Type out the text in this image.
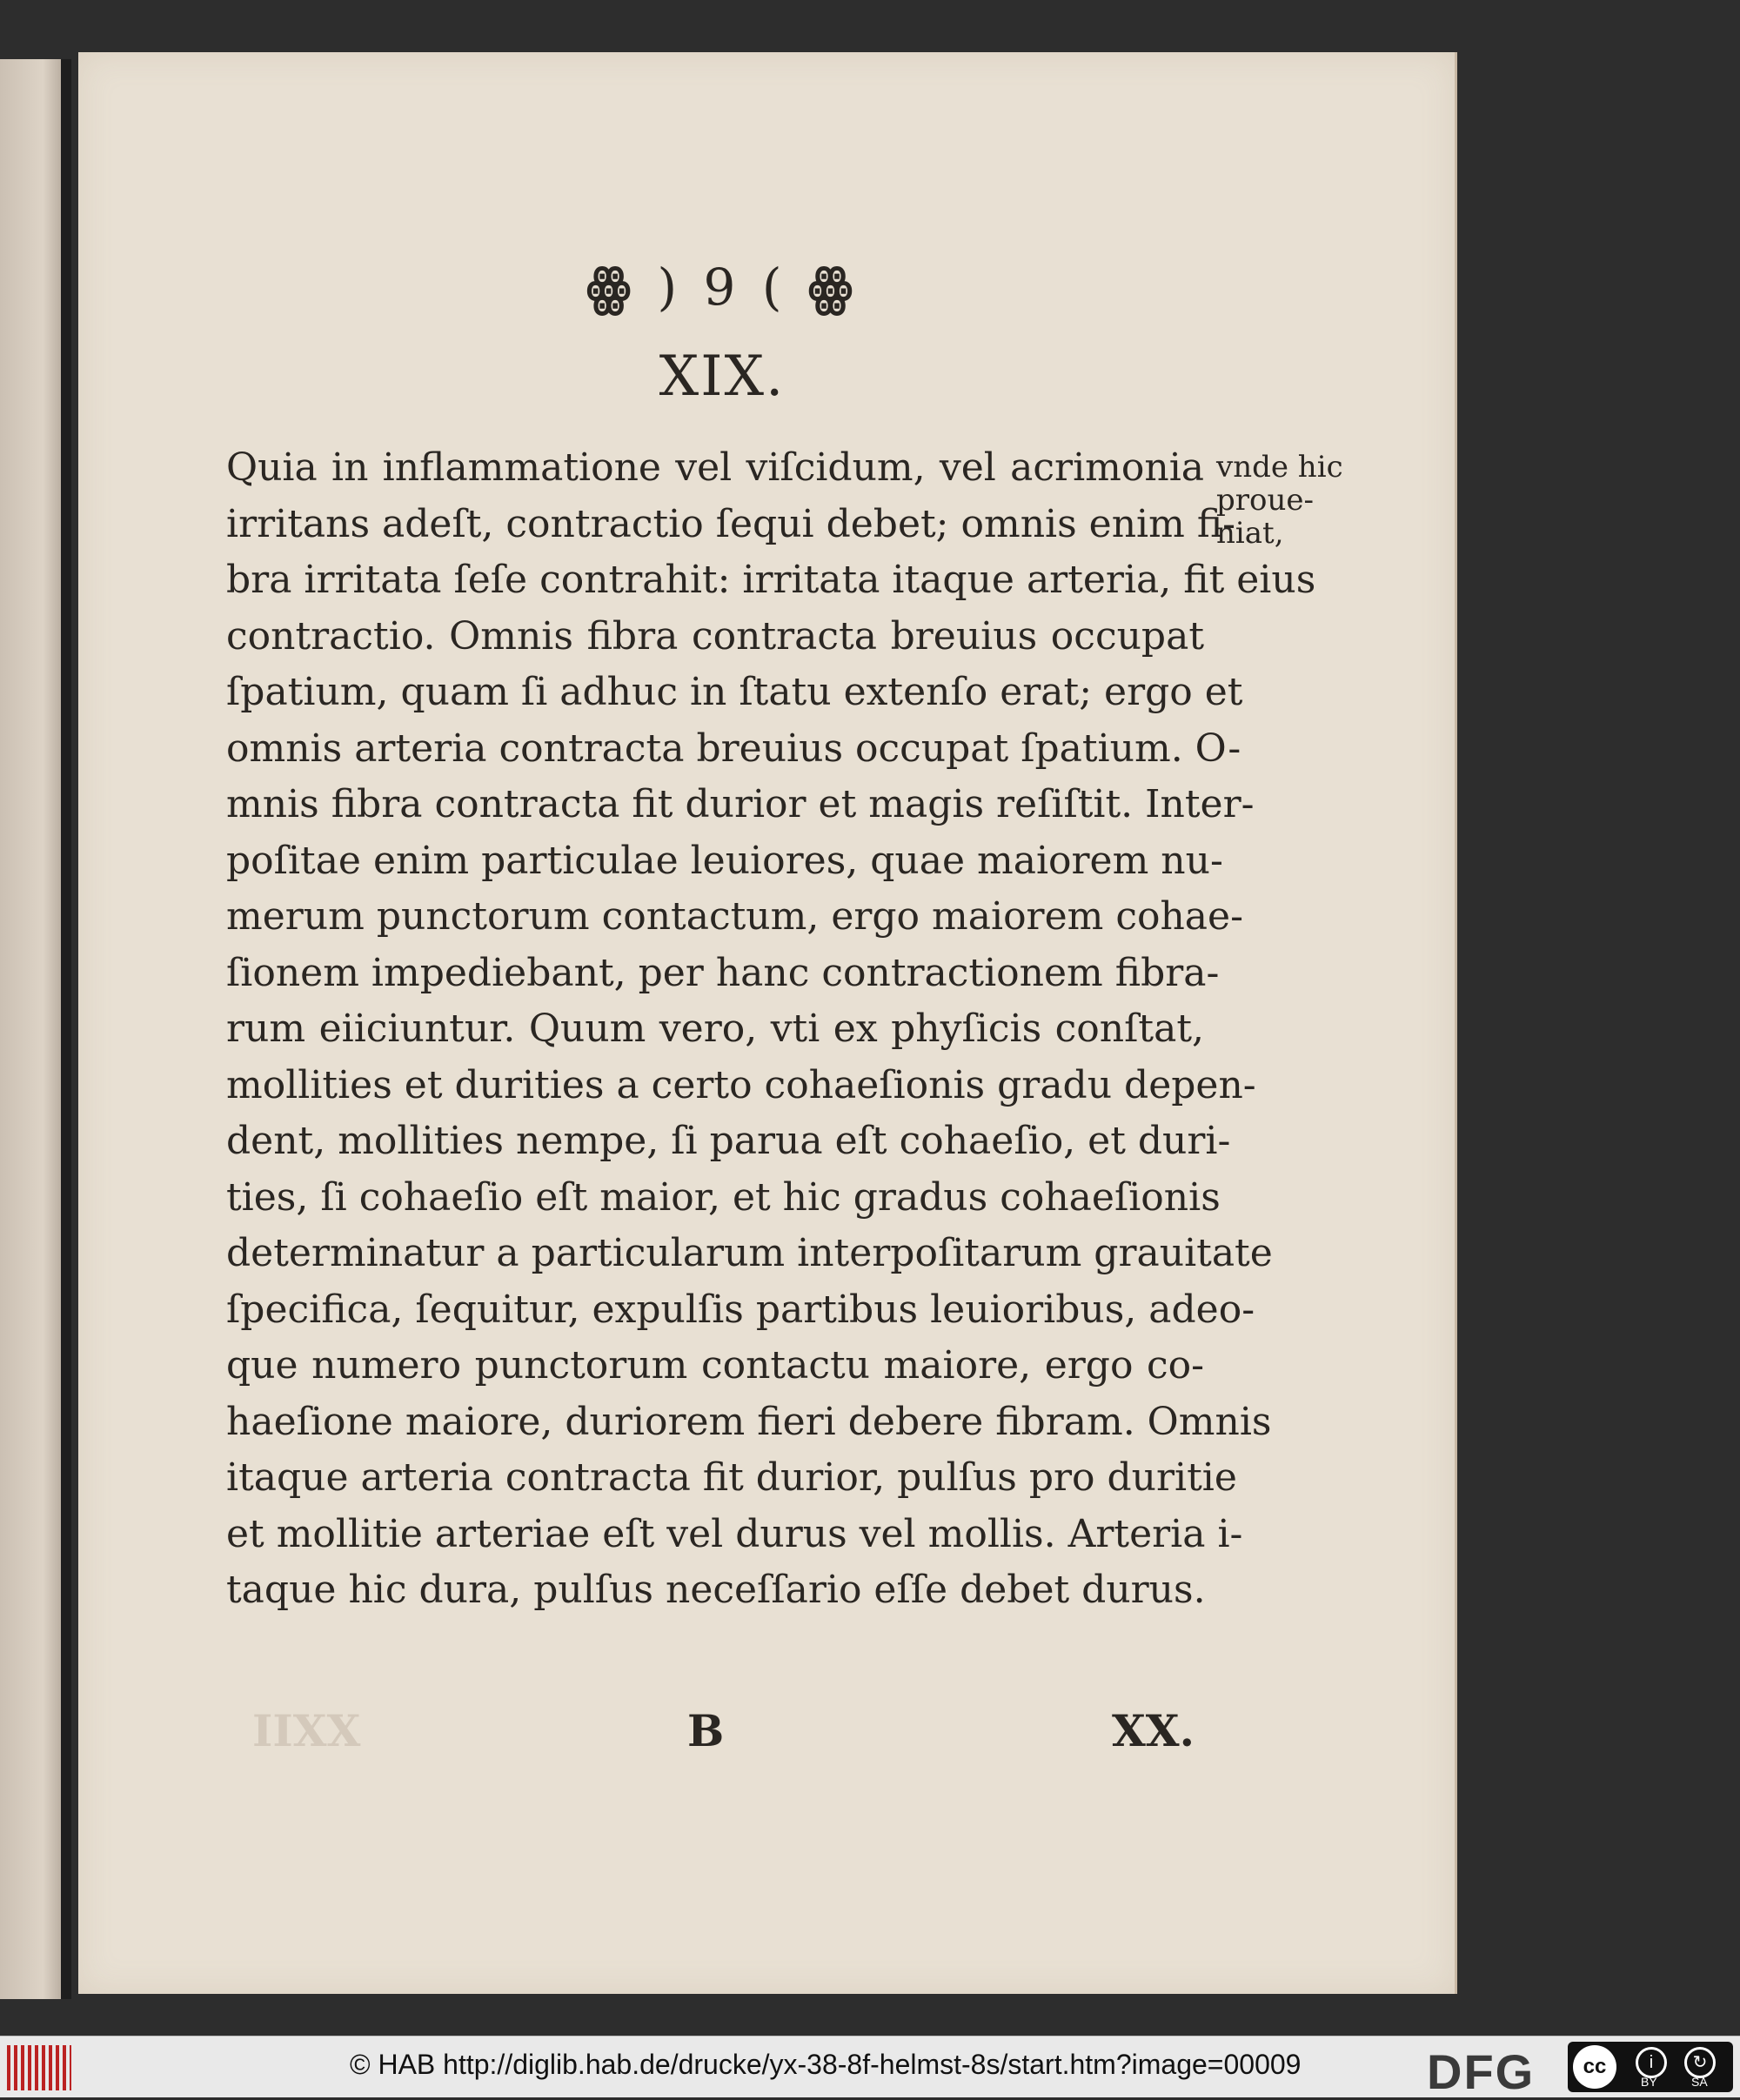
ꙮ ) 9 ( ꙮ
XIX.
Quia in inflammatione vel viſcidum, vel acrimonia
irritans adeſt, contractio ſequi debet; omnis enim fi-
bra irritata ſeſe contrahit: irritata itaque arteria, fit eius
contractio. Omnis fibra contracta breuius occupat
ſpatium, quam ſi adhuc in ſtatu extenſo erat; ergo et
omnis arteria contracta breuius occupat ſpatium. O-
mnis fibra contracta fit durior et magis reſiſtit. Inter-
poſitae enim particulae leuiores, quae maiorem nu-
merum punctorum contactum, ergo maiorem cohae-
ſionem impediebant, per hanc contractionem fibra-
rum eiiciuntur. Quum vero, vti ex phyſicis conſtat,
mollities et durities a certo cohaeſionis gradu depen-
dent, mollities nempe, ſi parua eſt cohaeſio, et duri-
ties, ſi cohaeſio eſt maior, et hic gradus cohaeſionis
determinatur a particularum interpoſitarum grauitate
ſpecifica, ſequitur, expulſis partibus leuioribus, adeo-
que numero punctorum contactu maiore, ergo co-
haeſione maiore, duriorem fieri debere fibram. Omnis
itaque arteria contracta fit durior, pulſus pro duritie
et mollitie arteriae eſt vel durus vel mollis. Arteria i-
taque hic dura, pulſus neceſſario eſſe debet durus.
vnde hic
proue-
niat,
IIXX	B	XX.
© HAB http://diglib.hab.de/drucke/yx-38-8f-helmst-8s/start.htm?image=00009	DFG	cc	i	↻
BY	SA
